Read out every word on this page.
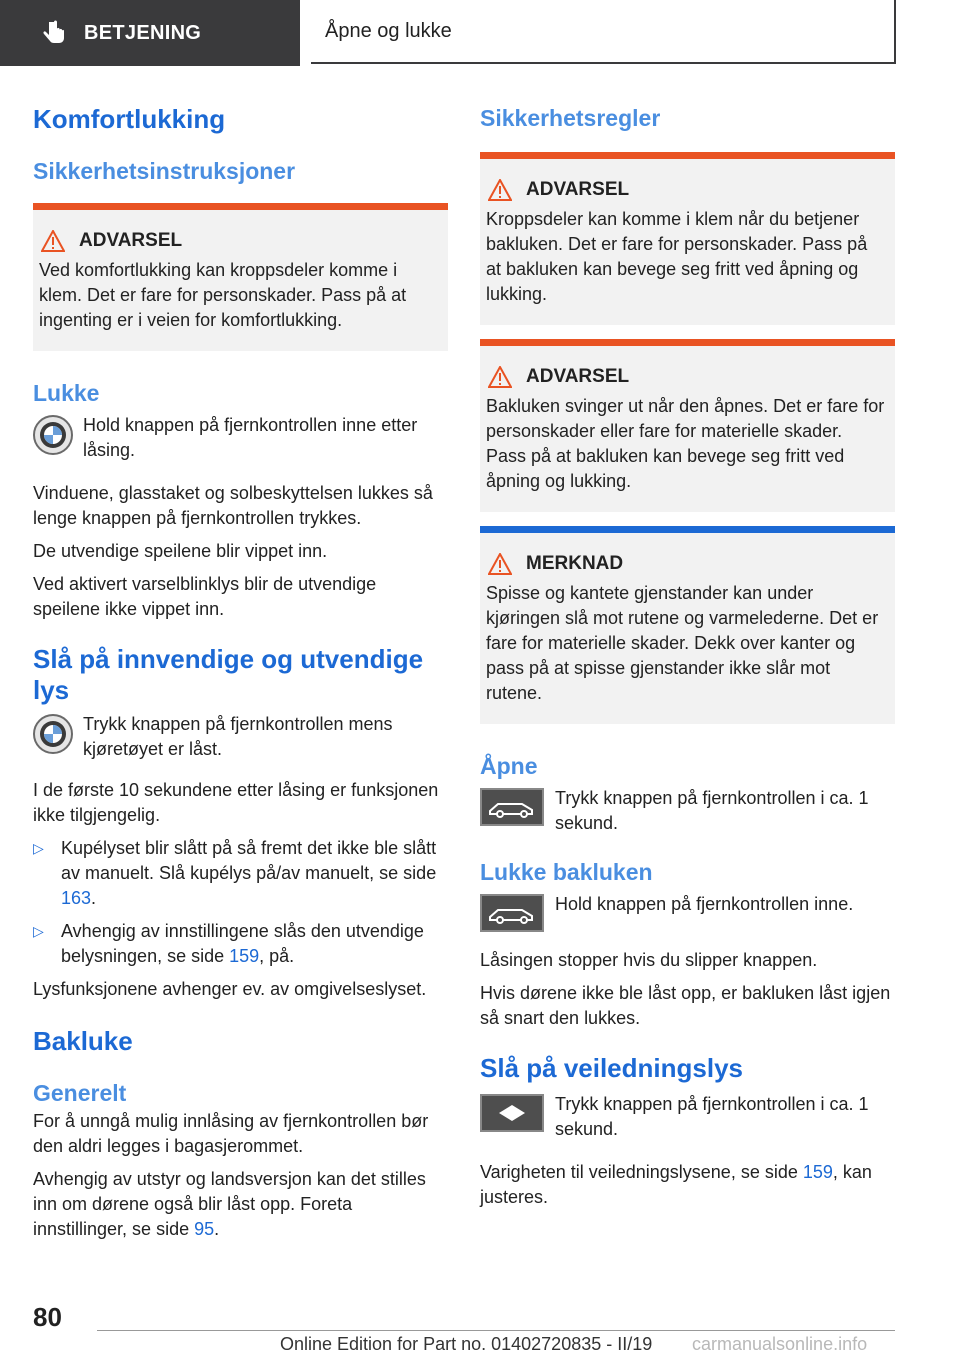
BETJENING	Åpne og lukke
Komfortlukking
Sikkerhetsinstruksjoner
ADVARSEL

Ved komfortlukking kan kroppsdeler komme i klem. Det er fare for personskader. Pass på at ingenting er i veien for komfortlukking.

Lukke

Hold knappen på fjernkontrollen inne etter låsing.

Vinduene, glasstaket og solbeskyttelsen lukkes så lenge knappen på fjernkontrollen trykkes.

De utvendige speilene blir vippet inn.

Ved aktivert varselblinklys blir de utvendige speilene ikke vippet inn.

Slå på innvendige og utvendige lys

Trykk knappen på fjernkontrollen mens kjøretøyet er låst.

I de første 10 sekundene etter låsing er funksjonen ikke tilgjengelig.

▷ Kupélyset blir slått på så fremt det ikke ble slått av manuelt. Slå kupélys på/av manuelt, se side 163.
▷ Avhengig av innstillingene slås den utvendige belysningen, se side 159, på.

Lysfunksjonene avhenger ev. av omgivelseslyset.

Bakluke
Generelt

For å unngå mulig innlåsing av fjernkontrollen bør den aldri legges i bagasjerommet.

Avhengig av utstyr og landsversjon kan det stilles inn om dørene også blir låst opp. Foreta innstillinger, se side 95.

Sikkerhetsregler
ADVARSEL

Kroppsdeler kan komme i klem når du betjener bakluken. Det er fare for personskader. Pass på at bakluken kan bevege seg fritt ved åpning og lukking.

ADVARSEL

Bakluken svinger ut når den åpnes. Det er fare for personskader eller fare for materielle skader. Pass på at bakluken kan bevege seg fritt ved åpning og lukking.

MERKNAD

Spisse og kantete gjenstander kan under kjøringen slå mot rutene og varmelederne. Det er fare for materielle skader. Dekk over kanter og pass på at spisse gjenstander ikke slår mot rutene.

Åpne

Trykk knappen på fjernkontrollen i ca. 1 sekund.

Lukke bakluken

Hold knappen på fjernkontrollen inne.

Låsingen stopper hvis du slipper knappen.

Hvis dørene ikke ble låst opp, er bakluken låst igjen så snart den lukkes.

Slå på veiledningslys

Trykk knappen på fjernkontrollen i ca. 1 sekund.

Varigheten til veiledningslysene, se side 159, kan justeres.

80
Online Edition for Part no. 01402720835 - II/19 carmanualsonline.info
